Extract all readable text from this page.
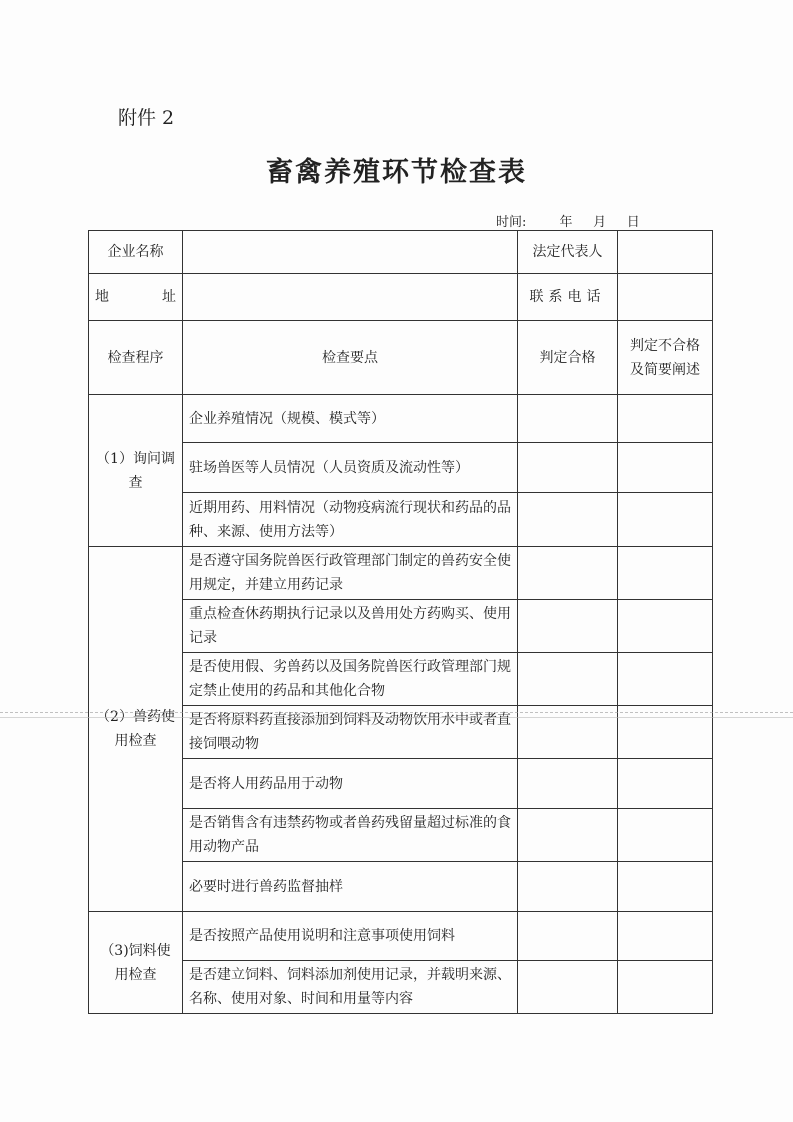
附件 2
畜禽养殖环节检查表
时间:        年     月     日
企业名称		法定代表人	
地　　址		联系电话	
检查程序	检查要点	判定合格	判定不合格及简要阐述
（1）询问调查	企业养殖情况（规模、模式等）		
	驻场兽医等人员情况（人员资质及流动性等）		
	近期用药、用料情况（动物疫病流行现状和药品的品种、来源、使用方法等）		
（2）兽药使用检查	是否遵守国务院兽医行政管理部门制定的兽药安全使用规定，并建立用药记录		
	重点检查休药期执行记录以及兽用处方药购买、使用记录		
	是否使用假、劣兽药以及国务院兽医行政管理部门规定禁止使用的药品和其他化合物		
	是否将原料药直接添加到饲料及动物饮用水中或者直接饲喂动物		
	是否将人用药品用于动物		
	是否销售含有违禁药物或者兽药残留量超过标准的食用动物产品		
	必要时进行兽药监督抽样		
（3)饲料使用检查	是否按照产品使用说明和注意事项使用饲料		
	是否建立饲料、饲料添加剂使用记录，并载明来源、名称、使用对象、时间和用量等内容		
